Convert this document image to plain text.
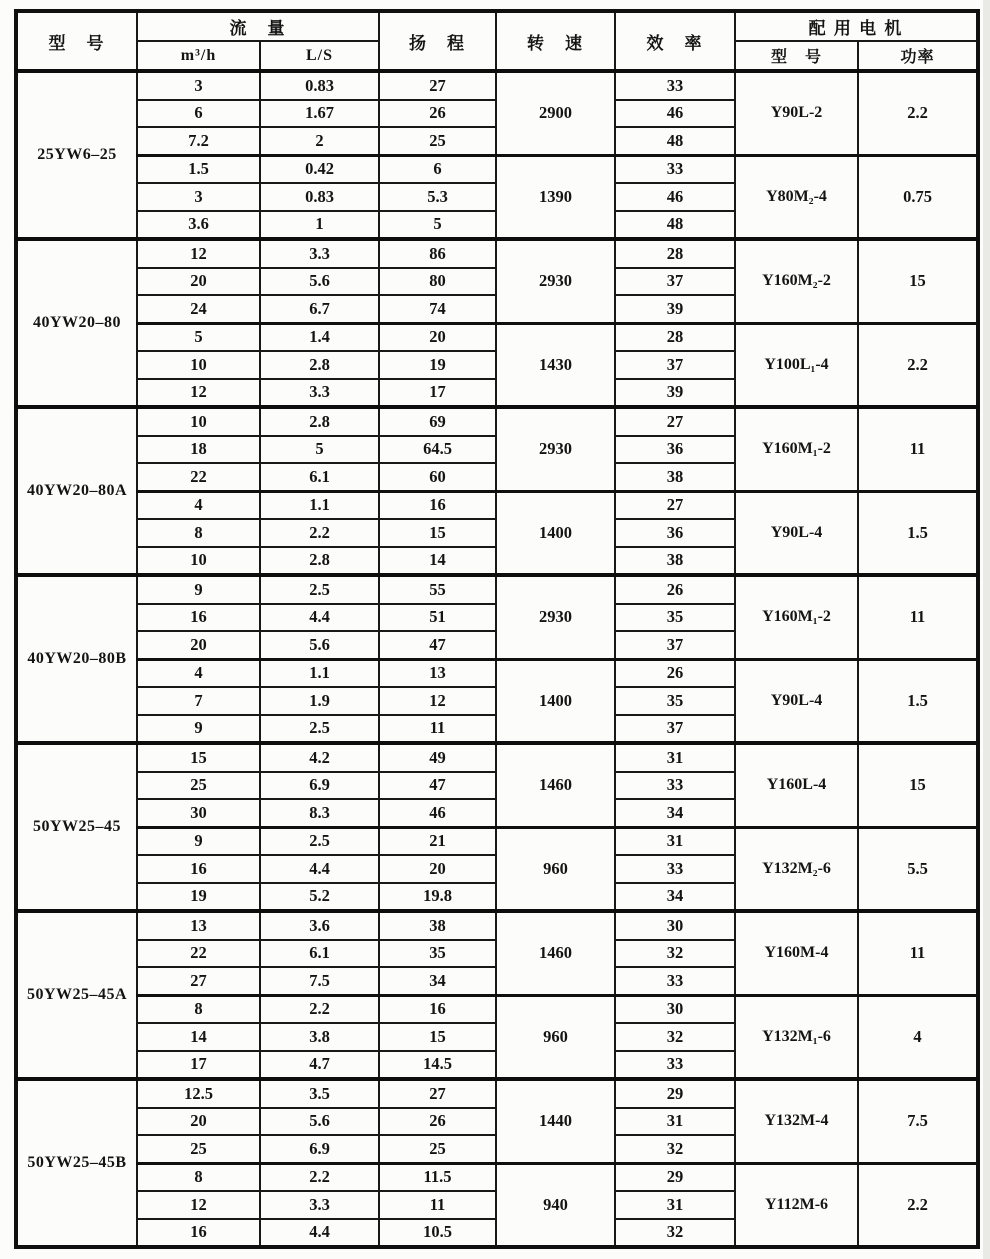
型　号	流　量		扬　程	转　速	效　率	配 用 电 机	
	m³/h	L/S				型　号	功率
25YW6–25	3	0.83	27	2900	33	Y90L-2	2.2
	6	1.67	26		46		
	7.2	2	25		48		
	1.5	0.42	6	1390	33	Y80M₂-4	0.75
	3	0.83	5.3		46		
	3.6	1	5		48		
40YW20–80	12	3.3	86	2930	28	Y160M₂-2	15
	20	5.6	80		37		
	24	6.7	74		39		
	5	1.4	20	1430	28	Y100L₁-4	2.2
	10	2.8	19		37		
	12	3.3	17		39		
40YW20–80A	10	2.8	69	2930	27	Y160M₁-2	11
	18	5	64.5		36		
	22	6.1	60		38		
	4	1.1	16	1400	27	Y90L-4	1.5
	8	2.2	15		36		
	10	2.8	14		38		
40YW20–80B	9	2.5	55	2930	26	Y160M₁-2	11
	16	4.4	51		35		
	20	5.6	47		37		
	4	1.1	13	1400	26	Y90L-4	1.5
	7	1.9	12		35		
	9	2.5	11		37		
50YW25–45	15	4.2	49	1460	31	Y160L-4	15
	25	6.9	47		33		
	30	8.3	46		34		
	9	2.5	21	960	31	Y132M₂-6	5.5
	16	4.4	20		33		
	19	5.2	19.8		34		
50YW25–45A	13	3.6	38	1460	30	Y160M-4	11
	22	6.1	35		32		
	27	7.5	34		33		
	8	2.2	16	960	30	Y132M₁-6	4
	14	3.8	15		32		
	17	4.7	14.5		33		
50YW25–45B	12.5	3.5	27	1440	29	Y132M-4	7.5
	20	5.6	26		31		
	25	6.9	25		32		
	8	2.2	11.5	940	29	Y112M-6	2.2
	12	3.3	11		31		
	16	4.4	10.5		32		
